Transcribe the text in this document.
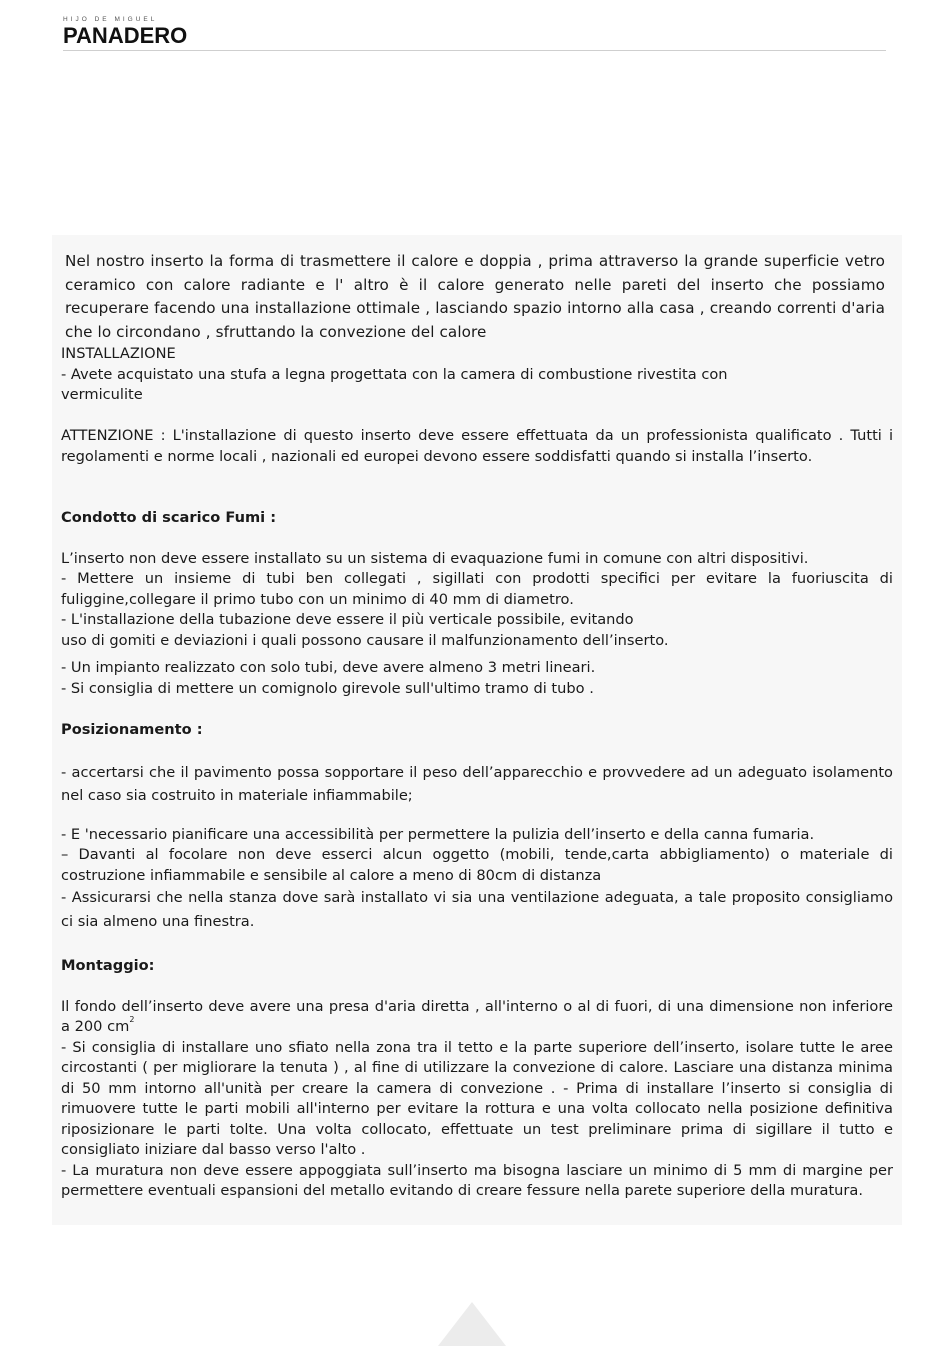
HIJO DE MIGUEL
PANADERO

Nel nostro inserto la forma di trasmettere il calore e doppia , prima attraverso la grande superficie vetro ceramico con calore radiante e l' altro è il calore generato nelle pareti del inserto che possiamo recuperare facendo una installazione ottimale , lasciando spazio intorno alla casa , creando correnti d'aria che lo circondano , sfruttando la convezione del calore

INSTALLAZIONE

- Avete acquistato una stufa a legna progettata con la camera di combustione rivestita con

vermiculite

ATTENZIONE : L'installazione di questo inserto deve essere effettuata da un professionista qualificato . Tutti i regolamenti e norme locali , nazionali ed europei devono essere soddisfatti quando si installa l’inserto.

Condotto di scarico Fumi :

L’inserto non deve essere installato su un sistema di evaquazione fumi in comune con altri dispositivi.

- Mettere un insieme di tubi ben collegati , sigillati con prodotti specifici per evitare la fuoriuscita di fuliggine,collegare il primo tubo con un minimo di 40 mm di diametro.

- L'installazione della tubazione deve essere il più verticale possibile, evitando

uso di gomiti e deviazioni i quali possono causare il malfunzionamento dell’inserto.

- Un impianto realizzato con solo tubi, deve avere almeno 3 metri lineari.

- Si consiglia di mettere un comignolo girevole sull'ultimo tramo di tubo .

Posizionamento :

- accertarsi che il pavimento possa sopportare il peso dell’apparecchio e provvedere ad un adeguato isolamento nel caso sia costruito in materiale infiammabile;

- E 'necessario pianificare una accessibilità per permettere la pulizia dell’inserto e della canna fumaria.

– Davanti al focolare non deve esserci alcun oggetto (mobili, tende,carta abbigliamento) o materiale di costruzione infiammabile e sensibile al calore a meno di 80cm di distanza

- Assicurarsi che nella stanza dove sarà installato vi sia una ventilazione adeguata, a tale proposito consigliamo ci sia almeno una finestra.

Montaggio:

Il fondo dell’inserto deve avere una presa d'aria diretta , all'interno o al di fuori, di una dimensione non inferiore a 200 $cm^2$

- Si consiglia di installare uno sfiato nella zona tra il tetto e la parte superiore dell’inserto, isolare tutte le aree circostanti ( per migliorare la tenuta ) , al fine di utilizzare la convezione di calore. Lasciare una distanza minima di 50 mm intorno all'unità per creare la camera di convezione . - Prima di installare l’inserto si consiglia di rimuovere tutte le parti mobili all'interno per evitare la rottura e una volta collocato nella posizione definitiva riposizionare le parti tolte. Una volta collocato, effettuate un test preliminare prima di sigillare il tutto e consigliato iniziare dal basso verso l'alto .

- La muratura non deve essere appoggiata sull’inserto ma bisogna lasciare un minimo di 5 mm di margine per permettere eventuali espansioni del metallo evitando di creare fessure nella parete superiore della muratura.
